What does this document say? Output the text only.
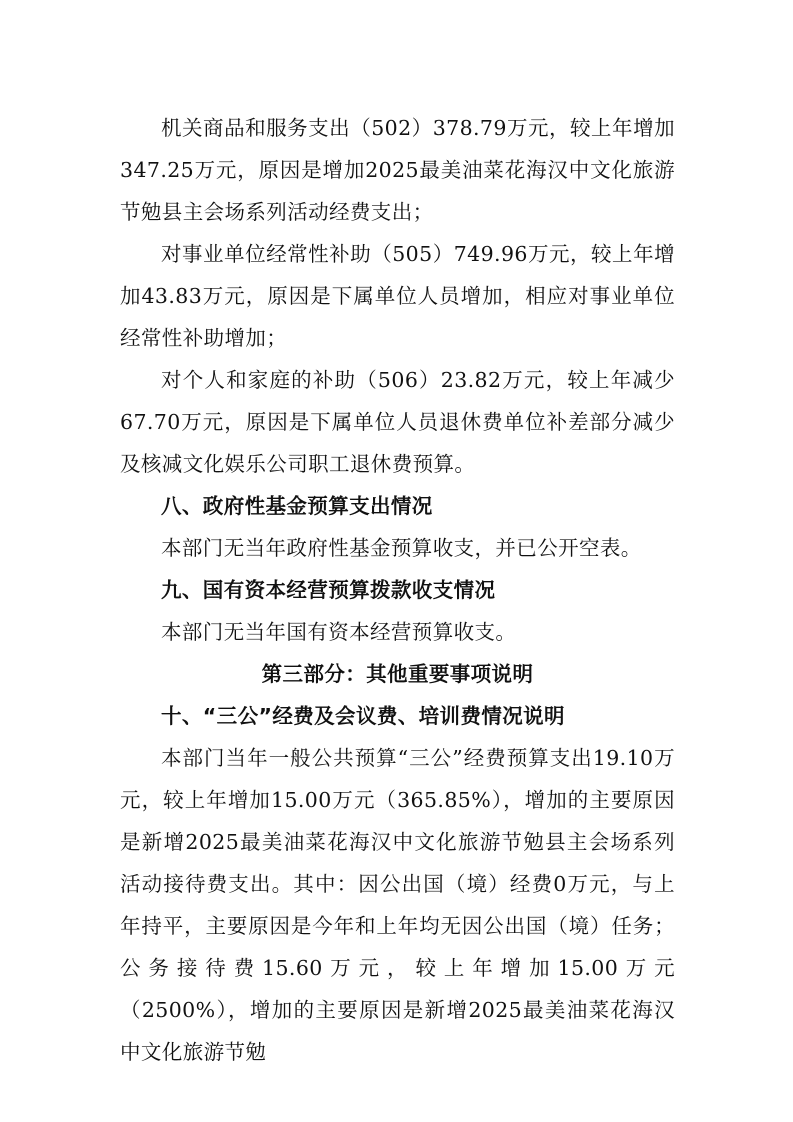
机关商品和服务支出（502）378.79万元，较上年增加347.25万元，原因是增加2025最美油菜花海汉中文化旅游节勉县主会场系列活动经费支出；

对事业单位经常性补助（505）749.96万元，较上年增加43.83万元，原因是下属单位人员增加，相应对事业单位经常性补助增加；

对个人和家庭的补助（506）23.82万元，较上年减少67.70万元，原因是下属单位人员退休费单位补差部分减少及核减文化娱乐公司职工退休费预算。

八、政府性基金预算支出情况

本部门无当年政府性基金预算收支，并已公开空表。

九、国有资本经营预算拨款收支情况

本部门无当年国有资本经营预算收支。

第三部分：其他重要事项说明

十、“三公”经费及会议费、培训费情况说明

本部门当年一般公共预算“三公”经费预算支出19.10万元，较上年增加15.00万元（365.85%），增加的主要原因是新增2025最美油菜花海汉中文化旅游节勉县主会场系列活动接待费支出。其中：因公出国（境）经费0万元，与上年持平，主要原因是今年和上年均无因公出国（境）任务；公务接待费15.60万元，较上年增加15.00万元（2500%），增加的主要原因是新增2025最美油菜花海汉中文化旅游节勉
